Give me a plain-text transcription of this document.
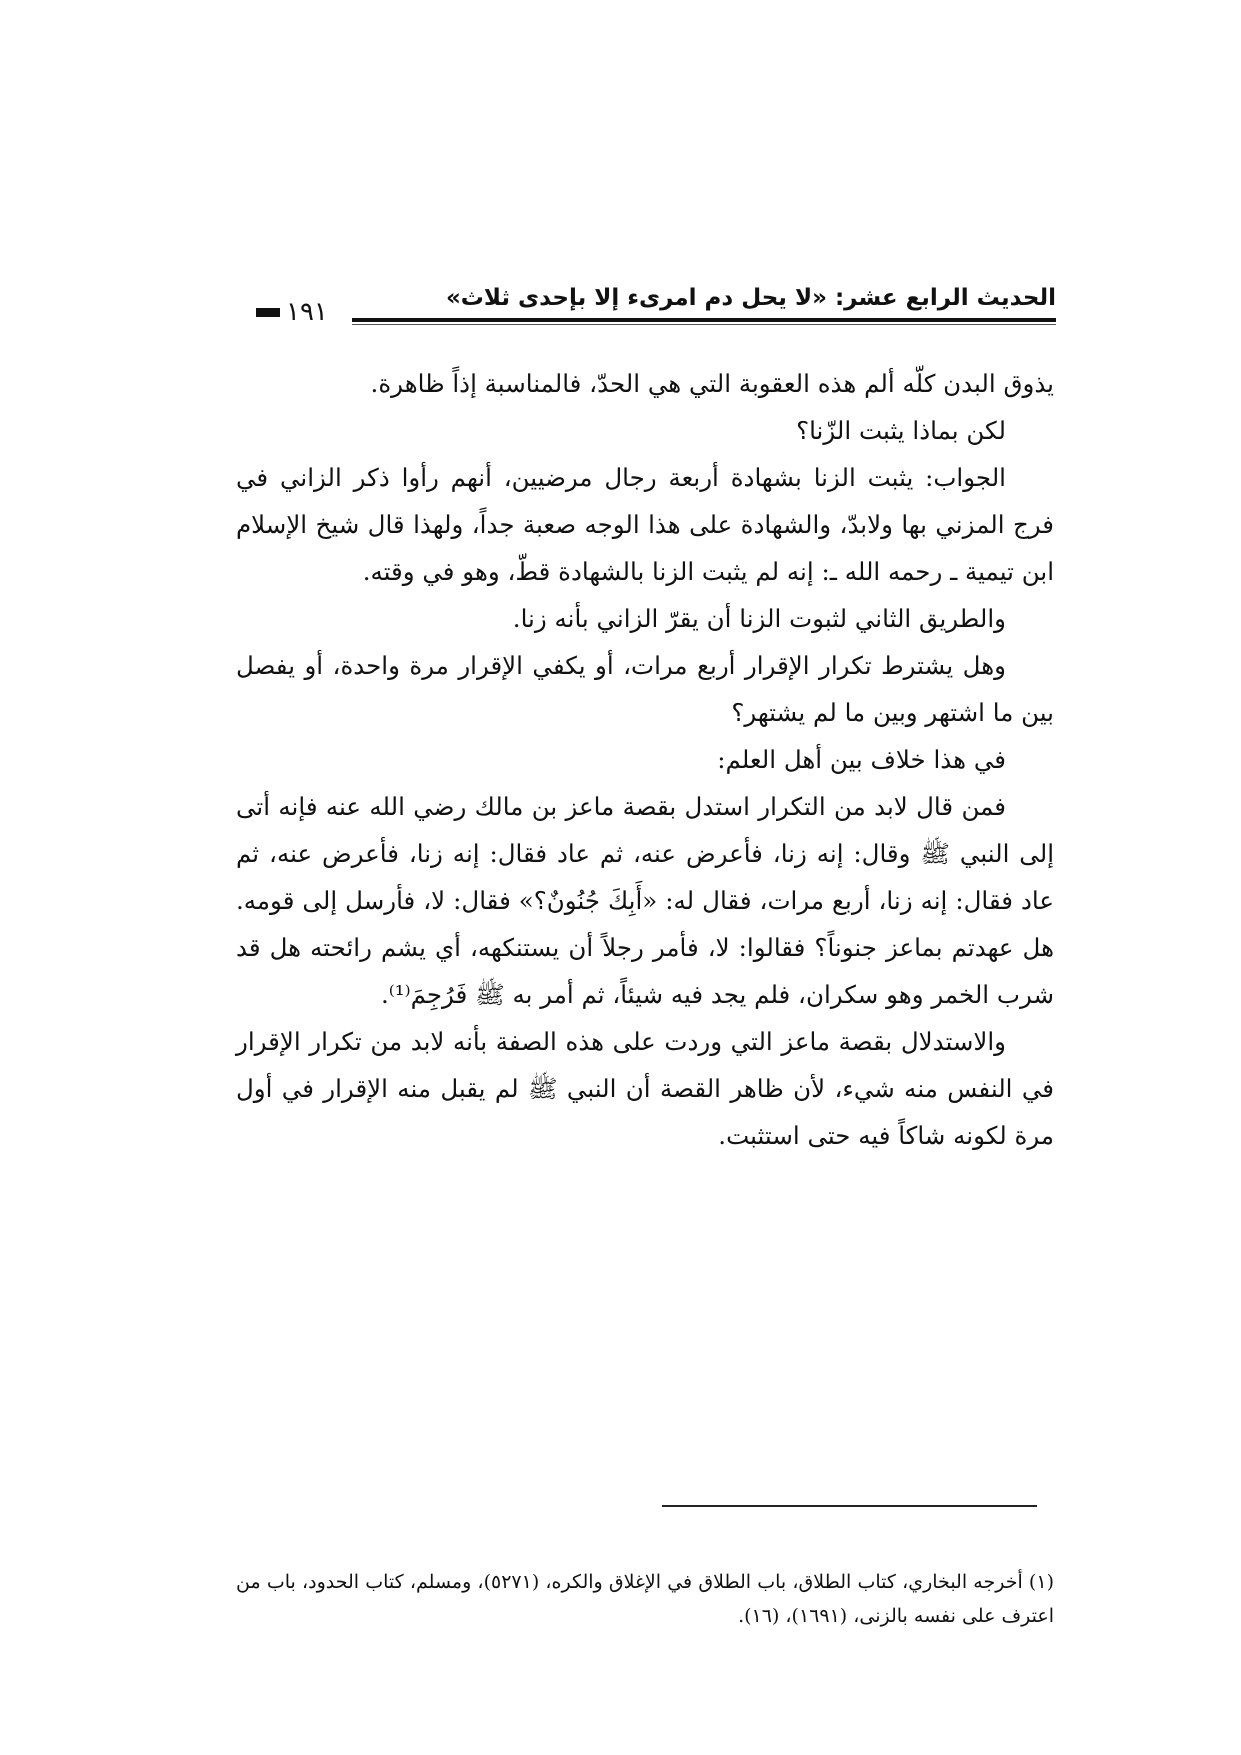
الحديث الرابع عشر: «لا يحل دم امرىء إلا بإحدى ثلاث»
١٩١

يذوق البدن كلّه ألم هذه العقوبة التي هي الحدّ، فالمناسبة إذاً ظاهرة.

لكن بماذا يثبت الزّنا؟

الجواب: يثبت الزنا بشهادة أربعة رجال مرضيين، أنهم رأوا ذكر الزاني في فرج المزني بها ولابدّ، والشهادة على هذا الوجه صعبة جداً، ولهذا قال شيخ الإسلام ابن تيمية ـ رحمه الله ـ: إنه لم يثبت الزنا بالشهادة قطّ، وهو في وقته.

والطريق الثاني لثبوت الزنا أن يقرّ الزاني بأنه زنا.

وهل يشترط تكرار الإقرار أربع مرات، أو يكفي الإقرار مرة واحدة، أو يفصل بين ما اشتهر وبين ما لم يشتهر؟

في هذا خلاف بين أهل العلم:

فمن قال لابد من التكرار استدل بقصة ماعز بن مالك رضي الله عنه فإنه أتى إلى النبي ﷺ وقال: إنه زنا، فأعرض عنه، ثم عاد فقال: إنه زنا، فأعرض عنه، ثم عاد فقال: إنه زنا، أربع مرات، فقال له: «أَبِكَ جُنُونٌ؟» فقال: لا، فأرسل إلى قومه. هل عهدتم بماعز جنوناً؟ فقالوا: لا، فأمر رجلاً أن يستنكهه، أي يشم رائحته هل قد شرب الخمر وهو سكران، فلم يجد فيه شيئاً، ثم أمر به ﷺ فَرُجِمَ⁽¹⁾.

والاستدلال بقصة ماعز التي وردت على هذه الصفة بأنه لابد من تكرار الإقرار في النفس منه شيء، لأن ظاهر القصة أن النبي ﷺ لم يقبل منه الإقرار في أول مرة لكونه شاكاً فيه حتى استثبت.

(١) أخرجه البخاري، كتاب الطلاق، باب الطلاق في الإغلاق والكره، (٥٢٧١)، ومسلم، كتاب الحدود، باب من اعترف على نفسه بالزنى، (١٦٩١)، (١٦).
